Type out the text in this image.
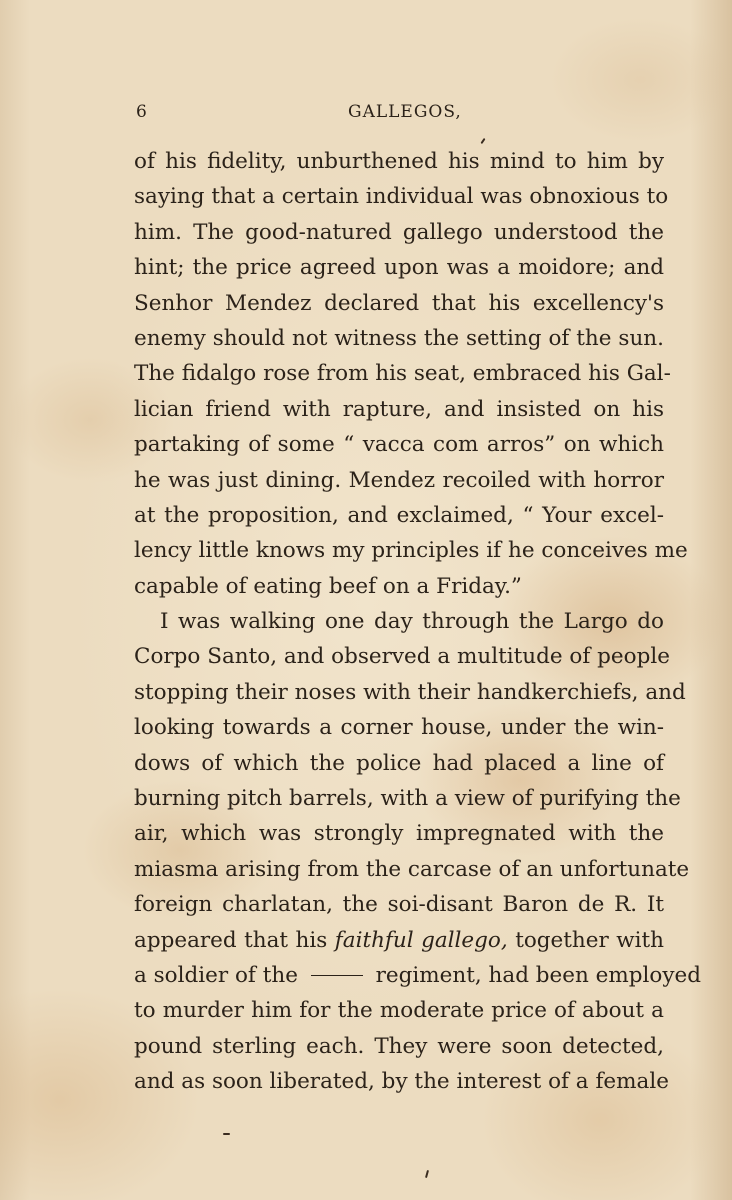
6	GALLEGOS,
of his fidelity, unburthened his mind to him by
saying that a certain individual was obnoxious to
him. The good-natured gallego understood the
hint; the price agreed upon was a moidore; and
Senhor Mendez declared that his excellency's
enemy should not witness the setting of the sun.
The fidalgo rose from his seat, embraced his Gal-
lician friend with rapture, and insisted on his
partaking of some “ vacca com arros” on which
he was just dining. Mendez recoiled with horror
at the proposition, and exclaimed, “ Your excel-
lency little knows my principles if he conceives me
capable of eating beef on a Friday.”
I was walking one day through the Largo do
Corpo Santo, and observed a multitude of people
stopping their noses with their handkerchiefs, and
looking towards a corner house, under the win-
dows of which the police had placed a line of
burning pitch barrels, with a view of purifying the
air, which was strongly impregnated with the
miasma arising from the carcase of an unfortunate
foreign charlatan, the soi-disant Baron de R. It
appeared that his faithful gallego, together with
a soldier of the	regiment, had been employed
to murder him for the moderate price of about a
pound sterling each. They were soon detected,
and as soon liberated, by the interest of a female
